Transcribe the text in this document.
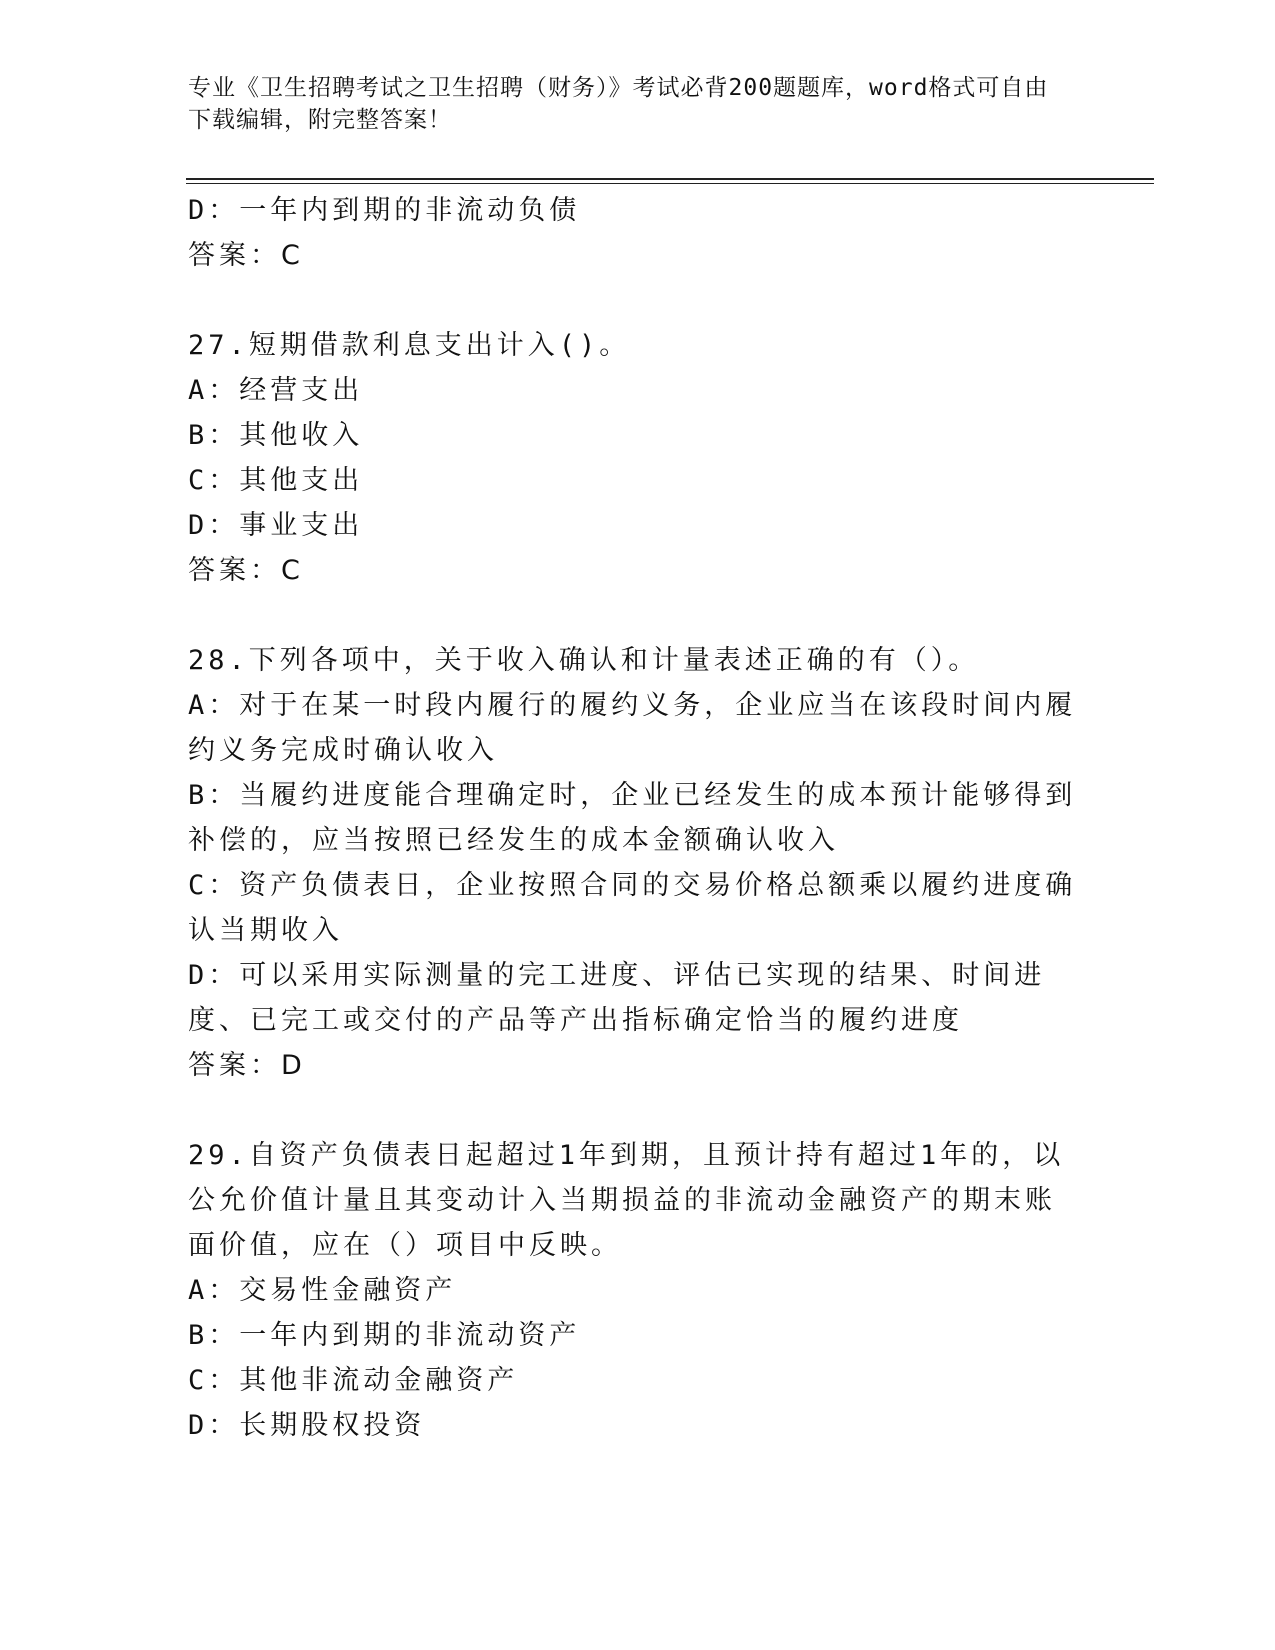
专业《卫生招聘考试之卫生招聘（财务）》考试必背200题题库，word格式可自由下载编辑，附完整答案！

D：一年内到期的非流动负债

答案：C

27.短期借款利息支出计入()。

A：经营支出

B：其他收入

C：其他支出

D：事业支出

答案：C

28.下列各项中，关于收入确认和计量表述正确的有（）。

A：对于在某一时段内履行的履约义务，企业应当在该段时间内履约义务完成时确认收入

B：当履约进度能合理确定时，企业已经发生的成本预计能够得到补偿的，应当按照已经发生的成本金额确认收入

C：资产负债表日，企业按照合同的交易价格总额乘以履约进度确认当期收入

D：可以采用实际测量的完工进度、评估已实现的结果、时间进度、已完工或交付的产品等产出指标确定恰当的履约进度

答案：D

29.自资产负债表日起超过1年到期，且预计持有超过1年的，以公允价值计量且其变动计入当期损益的非流动金融资产的期末账面价值，应在（）项目中反映。

A：交易性金融资产

B：一年内到期的非流动资产

C：其他非流动金融资产

D：长期股权投资
